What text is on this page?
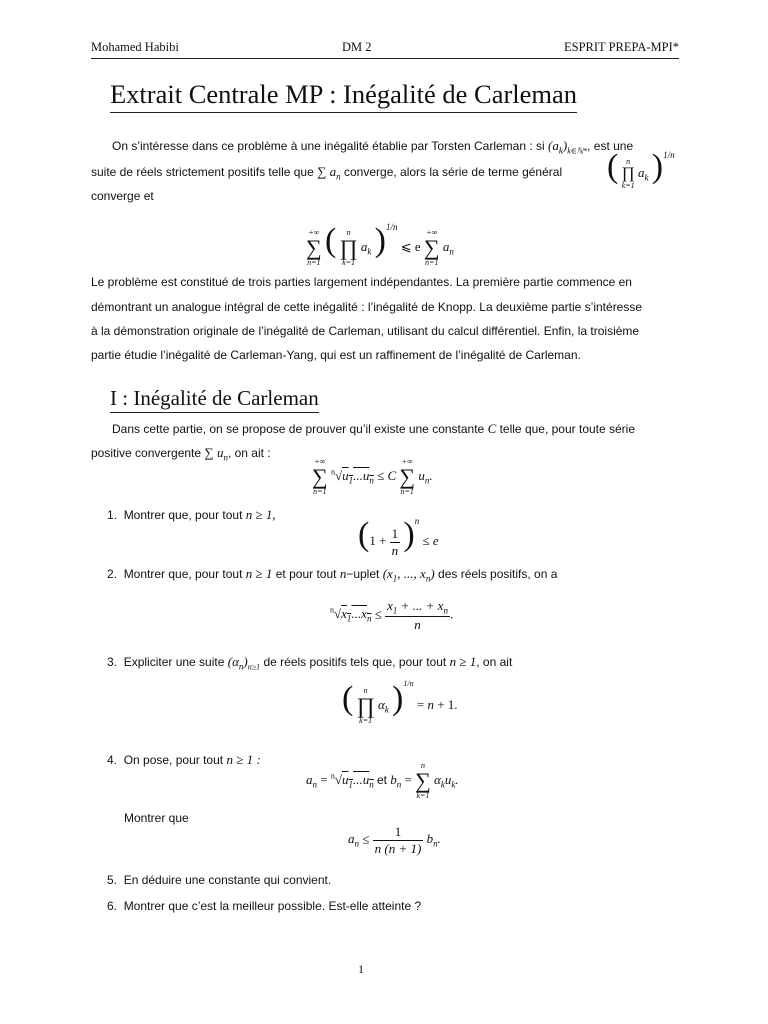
Mohamed Habibi	DM 2	ESPRIT PREPA-MPI*
Extrait Centrale MP : Inégalité de Carleman
On s’intéresse dans ce problème à une inégalité établie par Torsten Carleman : si $(a_k)_{k\in ℕ*}$, est une
suite de réels strictement positifs telle que ∑ $a_n$ converge, alors la série de terme général ( n
∏
k=1
$a_k$ )$^{1/n}$
converge et
+∞
∑
n=1
(	n
∏
k=1
$a_k$ )$^{1/n}$ ⩽ e
+∞
∑
n=1
$a_n$
Le problème est constitué de trois parties largement indépendantes. La première partie commence en
démontrant un analogue intégral de cette inégalité : l’inégalité de Knopp. La deuxième partie s’intéresse
à la démonstration originale de l’inégalité de Carleman, utilisant du calcul différentiel. Enfin, la troisième
partie étudie l’inégalité de Carleman-Yang, qui est un raffinement de l’inégalité de Carleman.
I : Inégalité de Carleman
Dans cette partie, on se propose de prouver qu’il existe une constante C telle que, pour toute série
positive convergente ∑ $u_n$, on ait :
+∞
∑
n=1
$^n√u_1...u_n \le C$
+∞
∑
n=1
$u_n$.
1. Montrer que, pour tout n ≥ 1,
$(1 + \frac{1}{n} )^n \le e$
2. Montrer que, pour tout n ≥ 1 et pour tout n−uplet ($x_1$, ..., $x_n$) des réels positifs, on a
$^n√x_1...x_n \le \frac{x_1 + ... + x_n}{n}$ .
3. Expliciter une suite $(\alpha_n)_{n\ge 1}$ de réels positifs tels que, pour tout n ≥ 1, on ait
(	n
∏
k=1
$\alpha_k$ )$^{1/n}$ = n + 1.
4. On pose, pour tout n ≥ 1 :
$a_n = ^n√u_1...u_n$ et $b_n$ =
n
∑
k=1
$\alpha_ku_k$.
Montrer que
$a_n \le \frac{1}{n (n + 1)} b_n$.
5. En déduire une constante qui convient.
6. Montrer que c’est la meilleur possible. Est-elle atteinte ?
1
